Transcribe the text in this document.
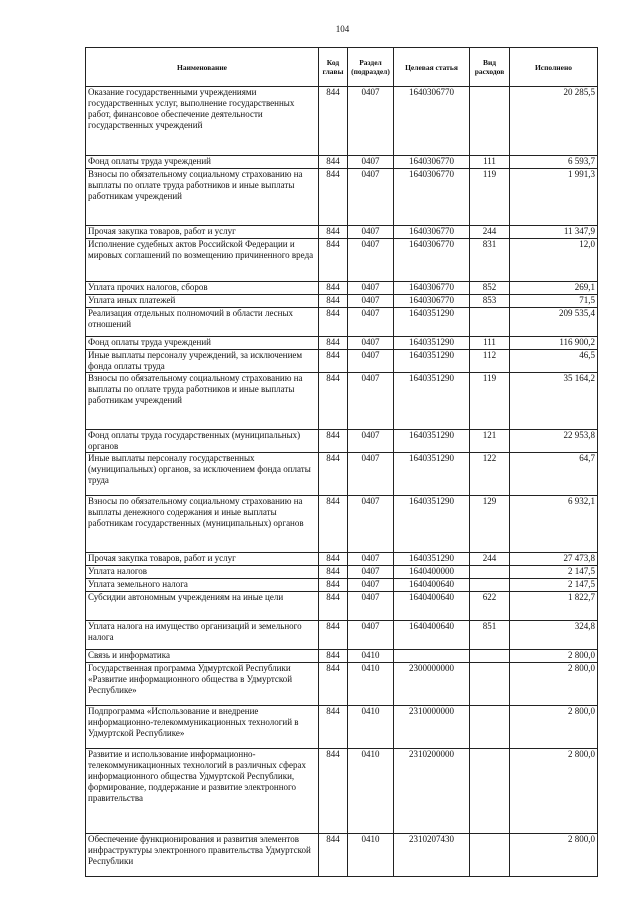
104
Наименование	Код главы	Раздел (подраздел)	Целевая статья	Вид расходов	Исполнено
Оказание государственными учреждениями государственных услуг, выполнение государственных работ, финансовое обеспечение деятельности государственных учреждений	844	0407	1640306770		20 285,5
Фонд оплаты труда учреждений	844	0407	1640306770	111	6 593,7
Взносы по обязательному социальному страхованию на выплаты по оплате труда работников и иные выплаты работникам учреждений	844	0407	1640306770	119	1 991,3
Прочая закупка товаров, работ и услуг	844	0407	1640306770	244	11 347,9
Исполнение судебных актов Российской Федерации и мировых соглашений по возмещению причиненного вреда	844	0407	1640306770	831	12,0
Уплата прочих налогов, сборов	844	0407	1640306770	852	269,1
Уплата иных платежей	844	0407	1640306770	853	71,5
Реализация отдельных полномочий в области лесных отношений	844	0407	1640351290		209 535,4
Фонд оплаты труда учреждений	844	0407	1640351290	111	116 900,2
Иные выплаты персоналу учреждений, за исключением фонда оплаты труда	844	0407	1640351290	112	46,5
Взносы по обязательному социальному страхованию на выплаты по оплате труда работников и иные выплаты работникам учреждений	844	0407	1640351290	119	35 164,2
Фонд оплаты труда государственных (муниципальных) органов	844	0407	1640351290	121	22 953,8
Иные выплаты персоналу государственных (муниципальных) органов, за исключением фонда оплаты труда	844	0407	1640351290	122	64,7
Взносы по обязательному социальному страхованию на выплаты денежного содержания и иные выплаты работникам государственных (муниципальных) органов	844	0407	1640351290	129	6 932,1
Прочая закупка товаров, работ и услуг	844	0407	1640351290	244	27 473,8
Уплата налогов	844	0407	1640400000		2 147,5
Уплата земельного налога	844	0407	1640400640		2 147,5
Субсидии автономным учреждениям на иные цели	844	0407	1640400640	622	1 822,7
Уплата налога на имущество организаций и земельного налога	844	0407	1640400640	851	324,8
Связь и информатика	844	0410			2 800,0
Государственная программа Удмуртской Республики «Развитие информационного общества в Удмуртской Республике»	844	0410	2300000000		2 800,0
Подпрограмма «Использование и внедрение информационно-телекоммуникационных технологий в Удмуртской Республике»	844	0410	2310000000		2 800,0
Развитие и использование информационно-телекоммуникационных технологий в различных сферах информационного общества Удмуртской Республики, формирование, поддержание и развитие электронного правительства	844	0410	2310200000		2 800,0
Обеспечение функционирования и развития элементов инфраструктуры электронного правительства Удмуртской Республики	844	0410	2310207430		2 800,0
